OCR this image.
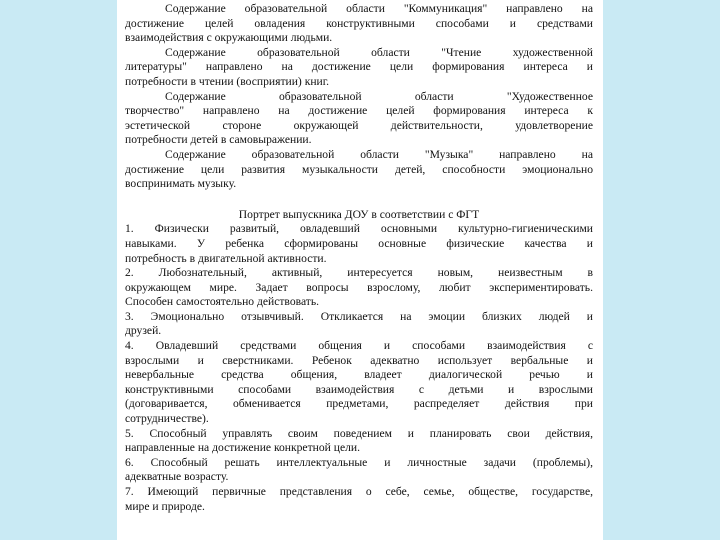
Содержание образовательной области "Коммуникация" направлено на

достижение целей овладения конструктивными способами и средствами

взаимодействия с окружающими людьми.

Содержание образовательной области "Чтение художественной

литературы" направлено на достижение цели формирования интереса и

потребности в чтении (восприятии) книг.

Содержание образовательной области "Художественное

творчество" направлено на достижение целей формирования интереса к

эстетической стороне окружающей действительности, удовлетворение

потребности детей в самовыражении.

Содержание образовательной области "Музыка" направлено на

достижение цели развития музыкальности детей, способности эмоционально

воспринимать музыку.

Портрет выпускника ДОУ в соответствии с ФГТ

1. Физически развитый, овладевший основными культурно-гигиеническими

навыками. У ребенка сформированы основные физические качества и

потребность в двигательной активности.

2. Любознательный, активный, интересуется новым, неизвестным в

окружающем мире. Задает вопросы взрослому, любит экспериментировать.

Способен самостоятельно действовать.

3. Эмоционально отзывчивый. Откликается на эмоции близких людей и

друзей.

4. Овладевший средствами общения и способами взаимодействия с

взрослыми и сверстниками. Ребенок адекватно использует вербальные и

невербальные средства общения, владеет диалогической речью и

конструктивными способами взаимодействия с детьми и взрослыми

(договаривается, обменивается предметами, распределяет действия при

сотрудничестве).

5. Способный управлять своим поведением и планировать свои действия,

направленные на достижение конкретной цели.

6. Способный решать интеллектуальные и личностные задачи (проблемы),

адекватные возрасту.

7. Имеющий первичные представления о себе, семье, обществе, государстве,

мире и природе.
